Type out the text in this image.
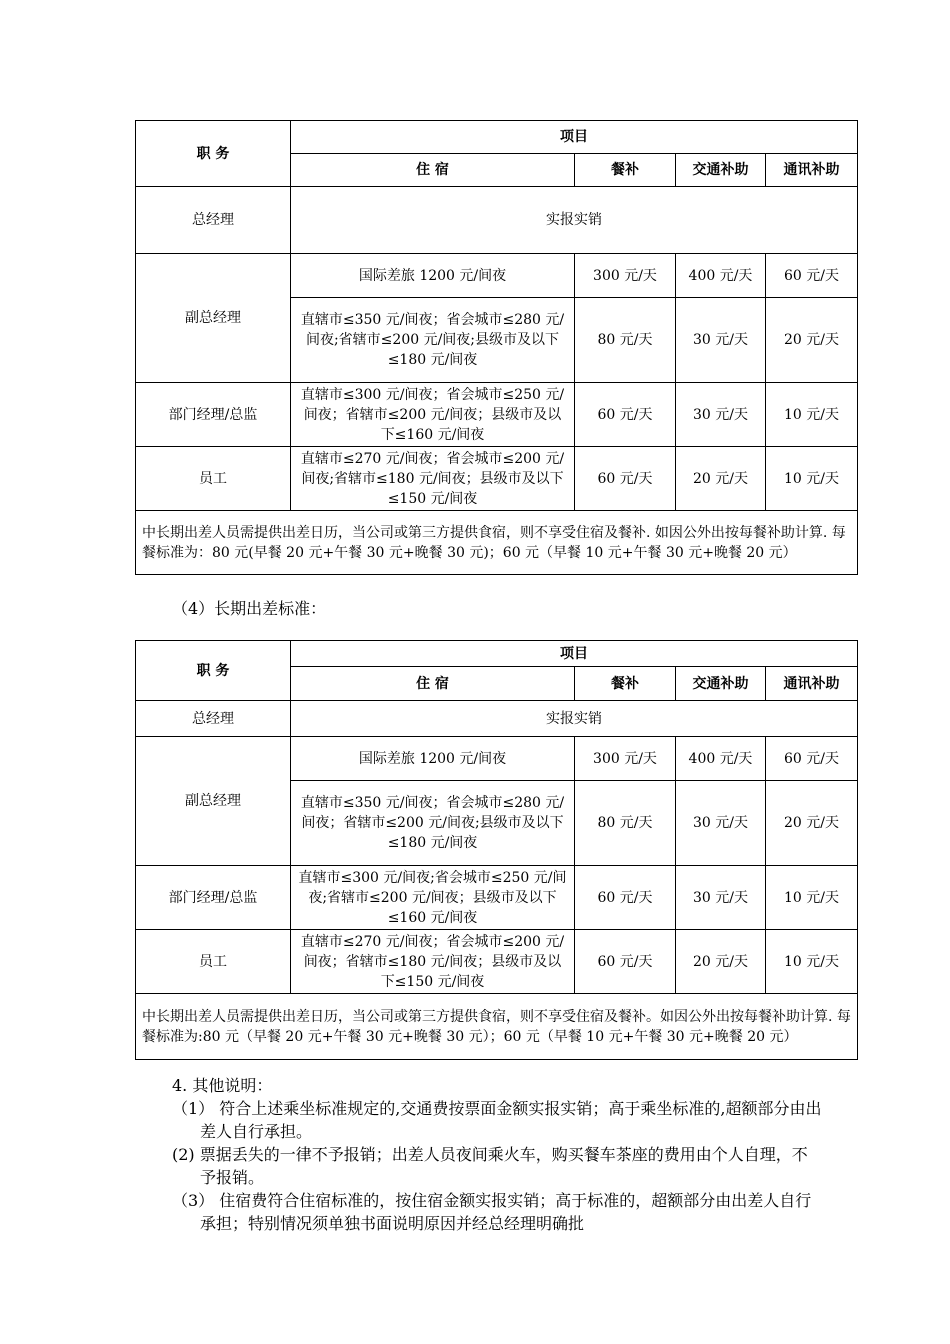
职 务	项目			
	住 宿	餐补	交通补助	通讯补助
总经理	实报实销			
副总经理	国际差旅 1200 元/间夜	300 元/天	400 元/天	60 元/天
	直辖市≤350 元/间夜；省会城市≤280 元/间夜;省辖市≤200 元/间夜;县级市及以下≤180 元/间夜	80 元/天	30 元/天	20 元/天
部门经理/总监	直辖市≤300 元/间夜；省会城市≤250 元/间夜；省辖市≤200 元/间夜；县级市及以下≤160 元/间夜	60 元/天	30 元/天	10 元/天
员工	直辖市≤270 元/间夜；省会城市≤200 元/间夜;省辖市≤180 元/间夜；县级市及以下≤150 元/间夜	60 元/天	20 元/天	10 元/天
中长期出差人员需提供出差日历，当公司或第三方提供食宿，则不享受住宿及餐补. 如因公外出按每餐补助计算. 每餐标准为：80 元(早餐 20 元+午餐 30 元+晚餐 30 元)；60 元（早餐 10 元+午餐 30 元+晚餐 20 元）				
（4）长期出差标准：
职 务	项目			
	住 宿	餐补	交通补助	通讯补助
总经理	实报实销			
副总经理	国际差旅 1200 元/间夜	300 元/天	400 元/天	60 元/天
	直辖市≤350 元/间夜；省会城市≤280 元/间夜；省辖市≤200 元/间夜;县级市及以下≤180 元/间夜	80 元/天	30 元/天	20 元/天
部门经理/总监	直辖市≤300 元/间夜;省会城市≤250 元/间夜;省辖市≤200 元/间夜；县级市及以下≤160 元/间夜	60 元/天	30 元/天	10 元/天
员工	直辖市≤270 元/间夜；省会城市≤200 元/间夜；省辖市≤180 元/间夜；县级市及以下≤150 元/间夜	60 元/天	20 元/天	10 元/天
中长期出差人员需提供出差日历，当公司或第三方提供食宿，则不享受住宿及餐补。如因公外出按每餐补助计算. 每餐标准为:80 元（早餐 20 元+午餐 30 元+晚餐 30 元）；60 元（早餐 10 元+午餐 30 元+晚餐 20 元）				

4. 其他说明：

（1） 符合上述乘坐标准规定的,交通费按票面金额实报实销；高于乘坐标准的,超额部分由出差人自行承担。

(2) 票据丢失的一律不予报销；出差人员夜间乘火车，购买餐车茶座的费用由个人自理，不予报销。

（3） 住宿费符合住宿标准的，按住宿金额实报实销；高于标准的，超额部分由出差人自行承担；特别情况须单独书面说明原因并经总经理明确批
